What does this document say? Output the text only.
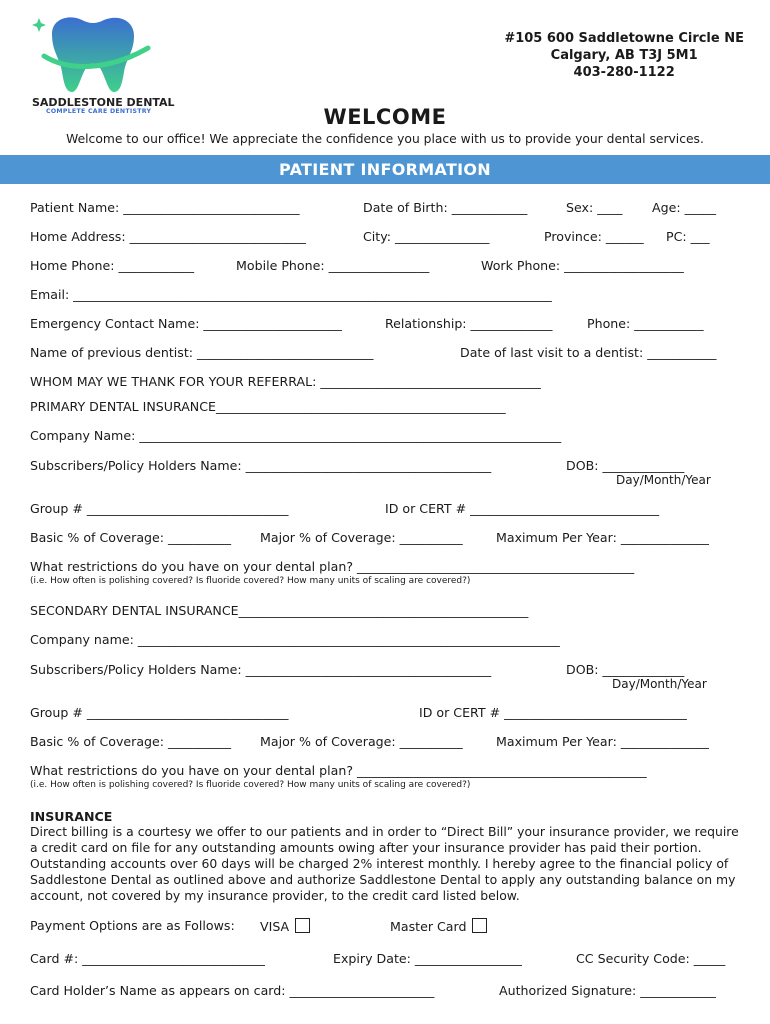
SADDLESTONE DENTAL
COMPLETE CARE DENTISTRY
#105 600 Saddletowne Circle NE
Calgary, AB T3J 5M1
403-280-1122
WELCOME
Welcome to our office! We appreciate the confidence you place with us to provide your dental services.
PATIENT INFORMATION
Patient Name: ____________________________	Date of Birth: ____________	Sex: ____ Age: _____
Home Address: ____________________________	City: _______________	Province: ______ PC: ___
Home Phone: ____________	Mobile Phone: ________________	Work Phone: ___________________
Email: ____________________________________________________________________________
Emergency Contact Name: ______________________	Relationship: _____________	Phone: ___________
Name of previous dentist: ____________________________	Date of last visit to a dentist: ___________
WHOM MAY WE THANK FOR YOUR REFERRAL: ___________________________________
PRIMARY DENTAL INSURANCE______________________________________________
Company Name: ___________________________________________________________________
Subscribers/Policy Holders Name: _______________________________________	DOB: _____________
Day/Month/Year
Group # ________________________________	ID or CERT # ______________________________
Basic % of Coverage: __________ Major % of Coverage: __________	Maximum Per Year: ______________
What restrictions do you have on your dental plan? ____________________________________________
(i.e. How often is polishing covered? Is fluoride covered? How many units of scaling are covered?)
SECONDARY DENTAL INSURANCE______________________________________________
Company name: ___________________________________________________________________
Subscribers/Policy Holders Name: _______________________________________	DOB: _____________
Day/Month/Year
Group # ________________________________	ID or CERT # _____________________________
Basic % of Coverage: __________ Major % of Coverage: __________	Maximum Per Year: ______________
What restrictions do you have on your dental plan? ______________________________________________
(i.e. How often is polishing covered? Is fluoride covered? How many units of scaling are covered?)
INSURANCE
Direct billing is a courtesy we offer to our patients and in order to “Direct Bill” your insurance provider, we require a credit card on file for any outstanding amounts owing after your insurance provider has paid their portion. Outstanding accounts over 60 days will be charged 2% interest monthly. I hereby agree to the financial policy of Saddlestone Dental as outlined above and authorize Saddlestone Dental to apply any outstanding balance on my account, not covered by my insurance provider, to the credit card listed below.
Payment Options are as Follows: VISA	Master Card
Card #: _____________________________	Expiry Date: _________________	CC Security Code: _____
Card Holder’s Name as appears on card: _______________________	Authorized Signature: ____________
